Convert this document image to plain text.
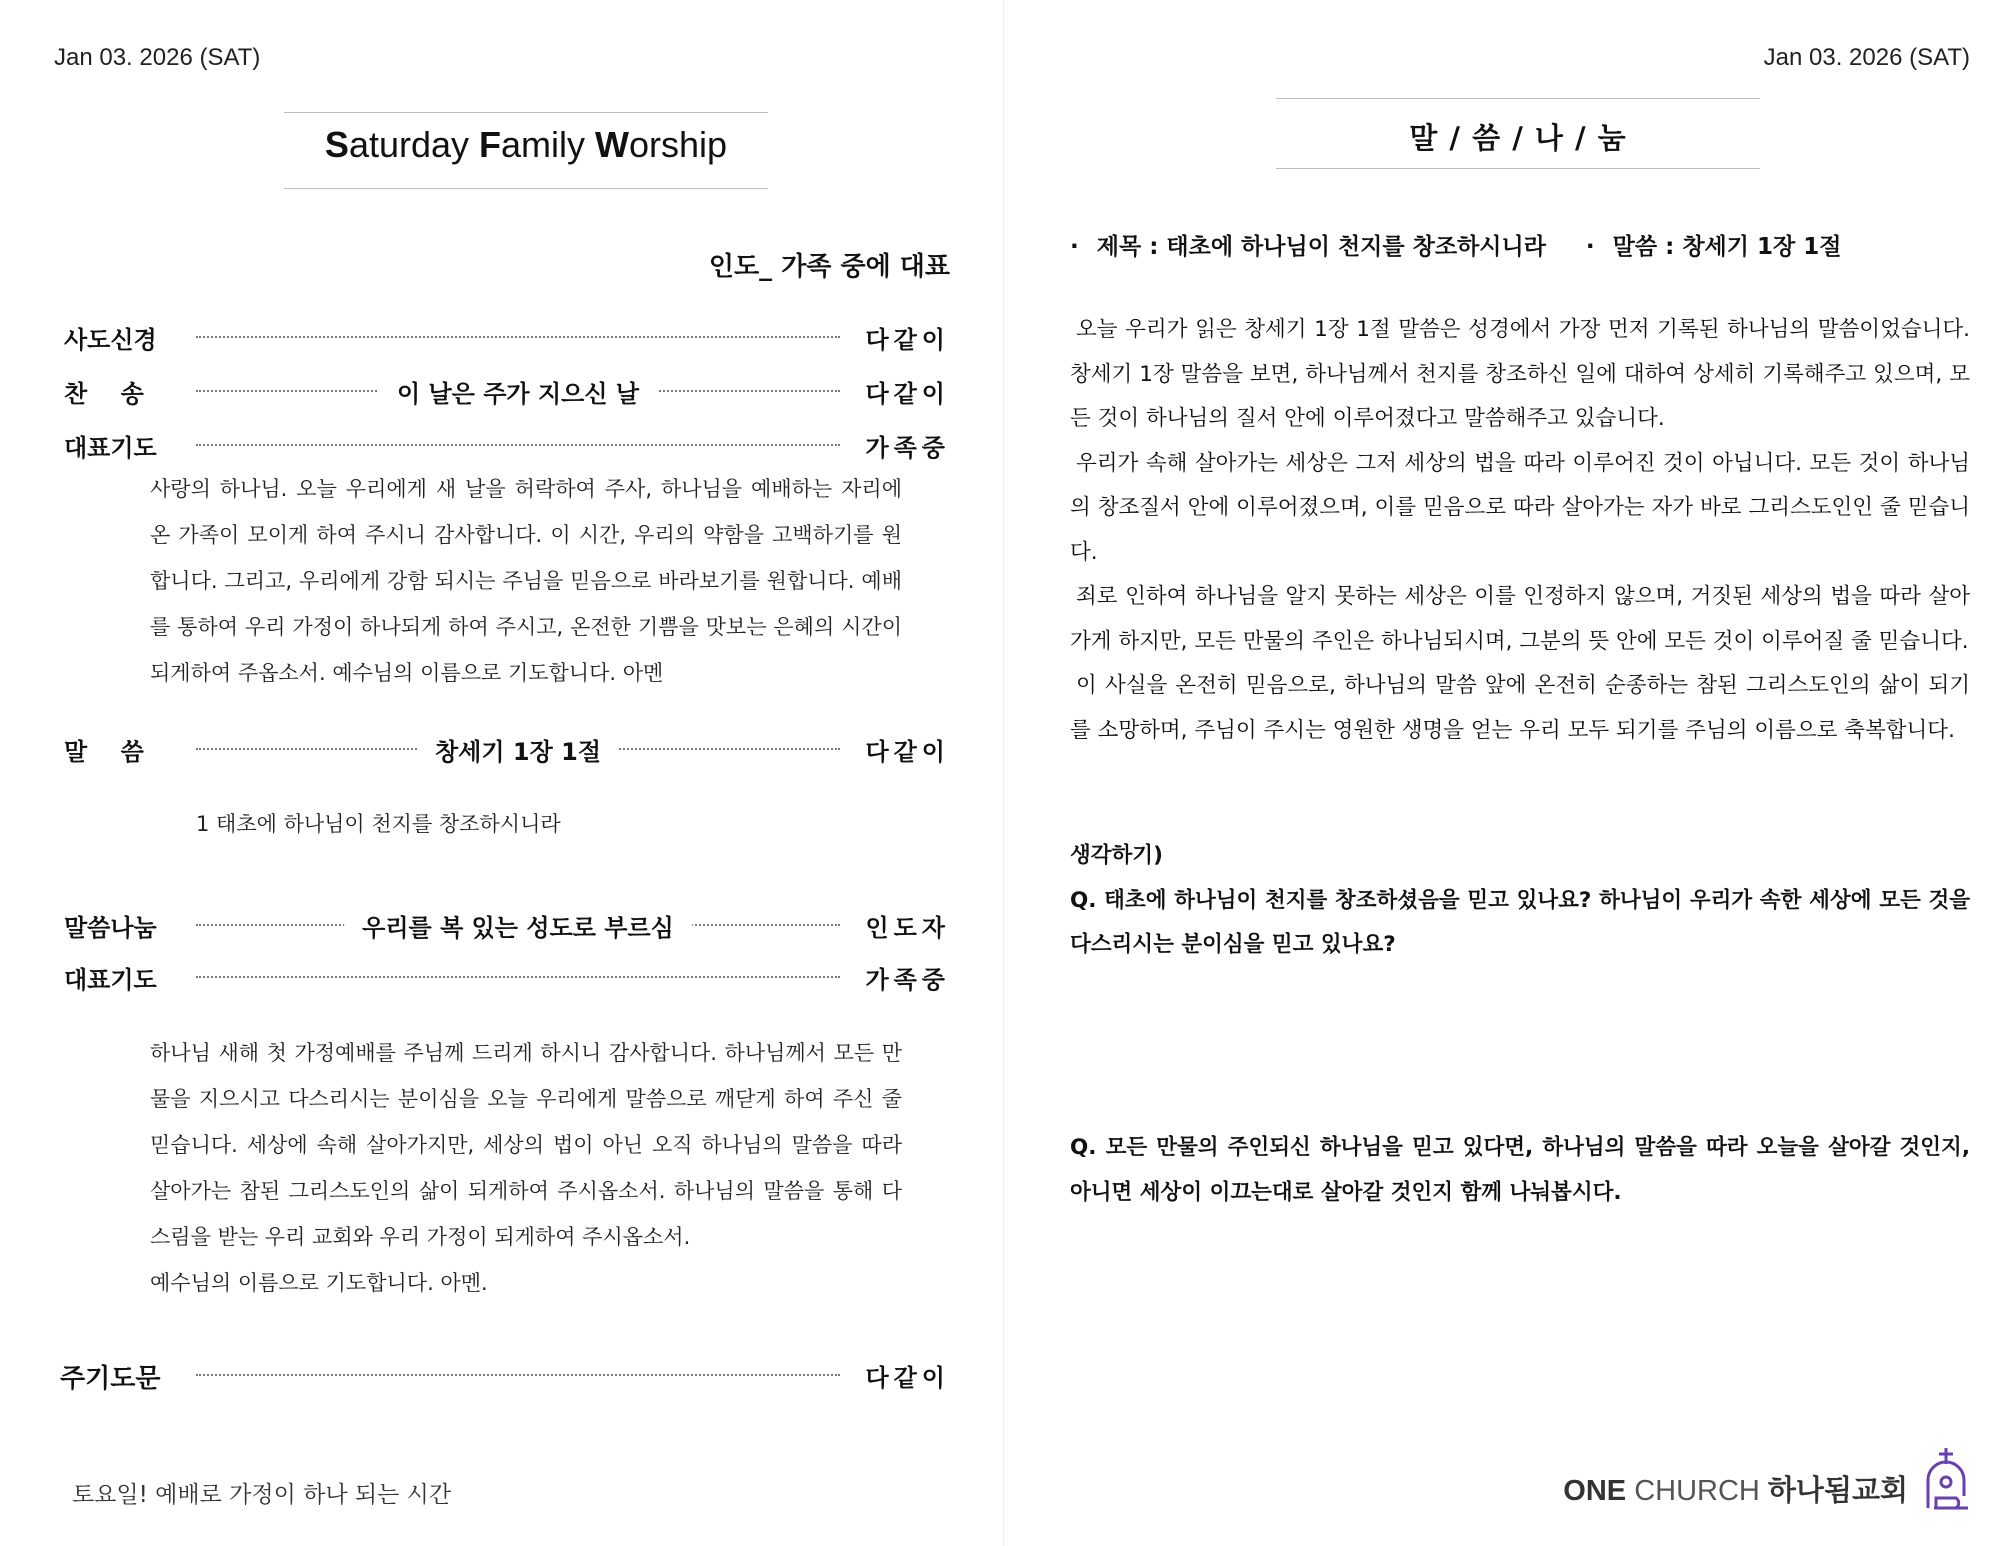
Jan 03. 2026 (SAT)
Saturday Family Worship
인도_ 가족 중에 대표
사도신경	다같이
찬    송	이 날은 주가 지으신 날	다같이
대표기도	가족중

사랑의 하나님. 오늘 우리에게 새 날을 허락하여 주사, 하나님을 예배하는 자리에 온 가족이 모이게 하여 주시니 감사합니다. 이 시간, 우리의 약함을 고백하기를 원합니다. 그리고, 우리에게 강함 되시는 주님을 믿음으로 바라보기를 원합니다. 예배를 통하여 우리 가정이 하나되게 하여 주시고, 온전한 기쁨을 맛보는 은혜의 시간이 되게하여 주옵소서. 예수님의 이름으로 기도합니다. 아멘

말    씀	창세기 1장 1절	다같이
1 태초에 하나님이 천지를 창조하시니라
말씀나눔	우리를 복 있는 성도로 부르심	인도자
대표기도	가족중

하나님 새해 첫 가정예배를 주님께 드리게 하시니 감사합니다. 하나님께서 모든 만물을 지으시고 다스리시는 분이심을 오늘 우리에게 말씀으로 깨닫게 하여 주신 줄 믿습니다. 세상에 속해 살아가지만, 세상의 법이 아닌 오직 하나님의 말씀을 따라 살아가는 참된 그리스도인의 삶이 되게하여 주시옵소서. 하나님의 말씀을 통해 다스림을 받는 우리 교회와 우리 가정이 되게하여 주시옵소서.

예수님의 이름으로 기도합니다. 아멘.

주기도문	다같이
토요일! 예배로 가정이 하나 되는 시간
Jan 03. 2026 (SAT)
말 / 씀 / 나 / 눔
· 제목 : 태초에 하나님이 천지를 창조하시니라 · 말씀 : 창세기 1장 1절

오늘 우리가 읽은 창세기 1장 1절 말씀은 성경에서 가장 먼저 기록된 하나님의 말씀이었습니다. 창세기 1장 말씀을 보면, 하나님께서 천지를 창조하신 일에 대하여 상세히 기록해주고 있으며, 모든 것이 하나님의 질서 안에 이루어졌다고 말씀해주고 있습니다.

우리가 속해 살아가는 세상은 그저 세상의 법을 따라 이루어진 것이 아닙니다. 모든 것이 하나님의 창조질서 안에 이루어졌으며, 이를 믿음으로 따라 살아가는 자가 바로 그리스도인인 줄 믿습니다.

죄로 인하여 하나님을 알지 못하는 세상은 이를 인정하지 않으며, 거짓된 세상의 법을 따라 살아가게 하지만, 모든 만물의 주인은 하나님되시며, 그분의 뜻 안에 모든 것이 이루어질 줄 믿습니다.

이 사실을 온전히 믿음으로, 하나님의 말씀 앞에 온전히 순종하는 참된 그리스도인의 삶이 되기를 소망하며, 주님이 주시는 영원한 생명을 얻는 우리 모두 되기를 주님의 이름으로 축복합니다.

생각하기)

Q. 태초에 하나님이 천지를 창조하셨음을 믿고 있나요? 하나님이 우리가 속한 세상에 모든 것을 다스리시는 분이심을 믿고 있나요?

Q. 모든 만물의 주인되신 하나님을 믿고 있다면, 하나님의 말씀을 따라 오늘을 살아갈 것인지, 아니면 세상이 이끄는대로 살아갈 것인지 함께 나눠봅시다.

ONE CHURCH 하나됨교회
